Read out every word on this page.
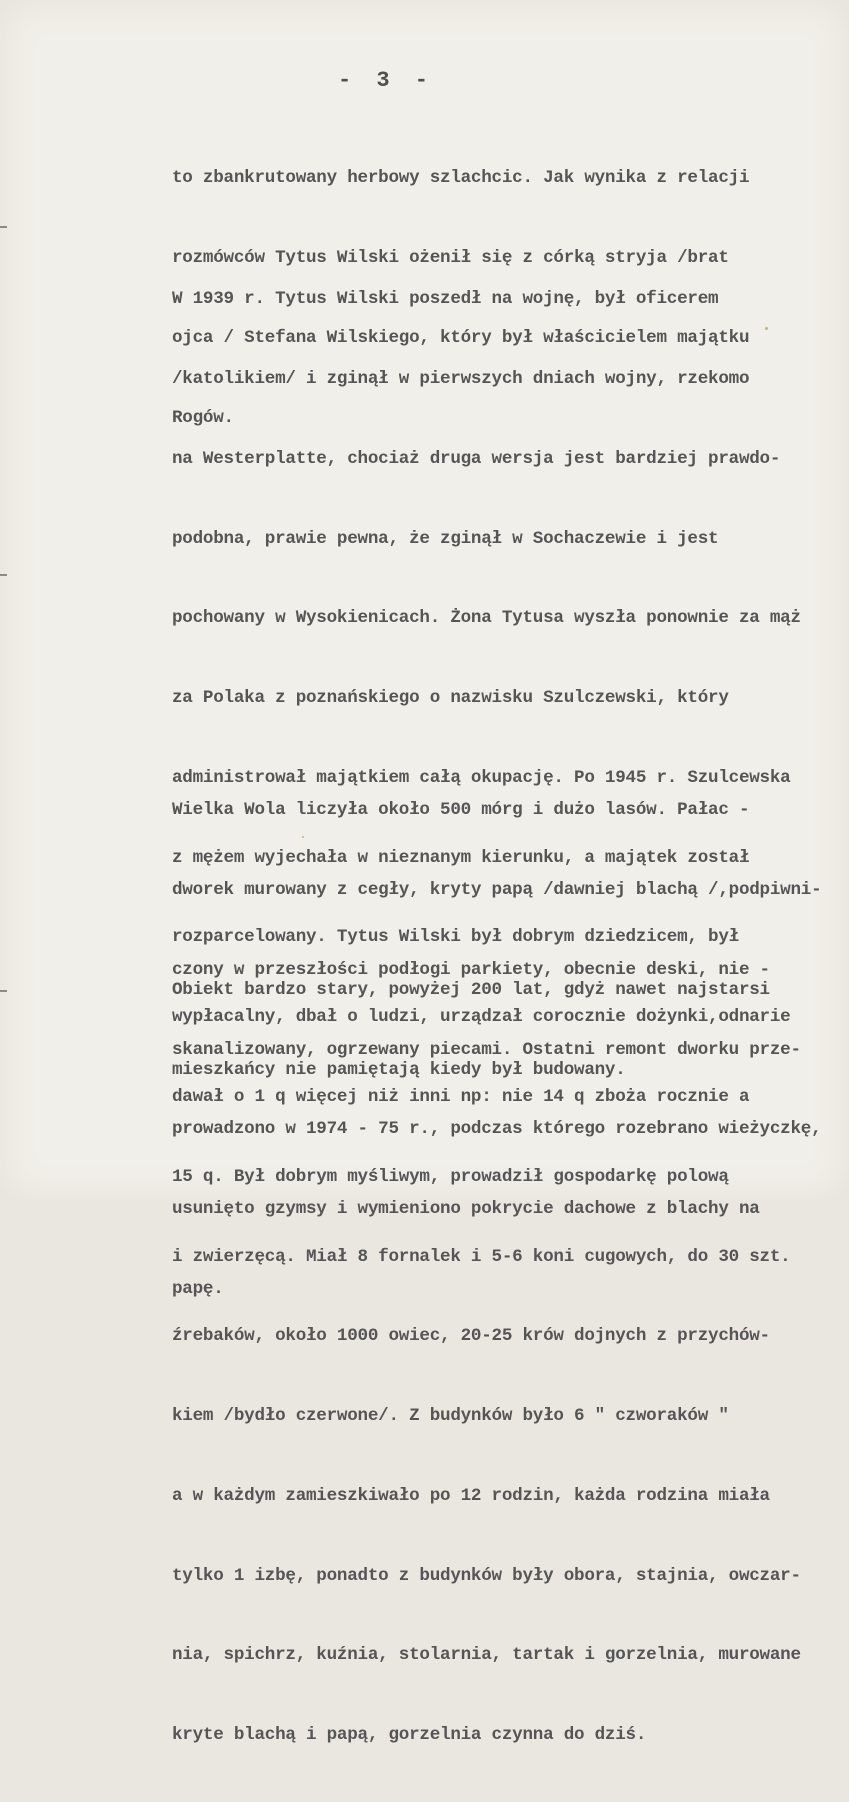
- 3 -

to zbankrutowany herbowy szlachcic. Jak wynika z relacji

rozmówców Tytus Wilski ożenił się z córką stryja /brat

ojca / Stefana Wilskiego, który był właścicielem majątku

Rogów.

W 1939 r. Tytus Wilski poszedł na wojnę, był oficerem

/katolikiem/ i zginął w pierwszych dniach wojny, rzekomo

na Westerplatte, chociaż druga wersja jest bardziej prawdo-

podobna, prawie pewna, że zginął w Sochaczewie i jest

pochowany w Wysokienicach. Żona Tytusa wyszła ponownie za mąż

za Polaka z poznańskiego o nazwisku Szulczewski, który

administrował majątkiem całą okupację. Po 1945 r. Szulcewska

z mężem wyjechała w nieznanym kierunku, a majątek został

rozparcelowany. Tytus Wilski był dobrym dziedzicem, był

wypłacalny, dbał o ludzi, urządzał corocznie dożynki,odnarie

dawał o 1 q więcej niż inni np: nie 14 q zboża rocznie a

15 q. Był dobrym myśliwym, prowadził gospodarkę polową

i zwierzęcą. Miał 8 fornalek i 5-6 koni cugowych, do 30 szt.

źrebaków, około 1000 owiec, 20-25 krów dojnych z przychów-

kiem /bydło czerwone/. Z budynków było 6 " czworaków "

a w każdym zamieszkiwało po 12 rodzin, każda rodzina miała

tylko 1 izbę, ponadto z budynków były obora, stajnia, owczar-

nia, spichrz, kuźnia, stolarnia, tartak i gorzelnia, murowane

kryte blachą i papą, gorzelnia czynna do dziś.

Wielka Wola liczyła około 500 mórg i dużo lasów. Pałac -

dworek murowany z cegły, kryty papą /dawniej blachą /,podpiwni-

czony w przeszłości podłogi parkiety, obecnie deski, nie -

skanalizowany, ogrzewany piecami. Ostatni remont dworku prze-

prowadzono w 1974 - 75 r., podczas którego rozebrano wieżyczkę,

usunięto gzymsy i wymieniono pokrycie dachowe z blachy na

papę.

Obiekt bardzo stary, powyżej 200 lat, gdyż nawet najstarsi

mieszkańcy nie pamiętają kiedy był budowany.
